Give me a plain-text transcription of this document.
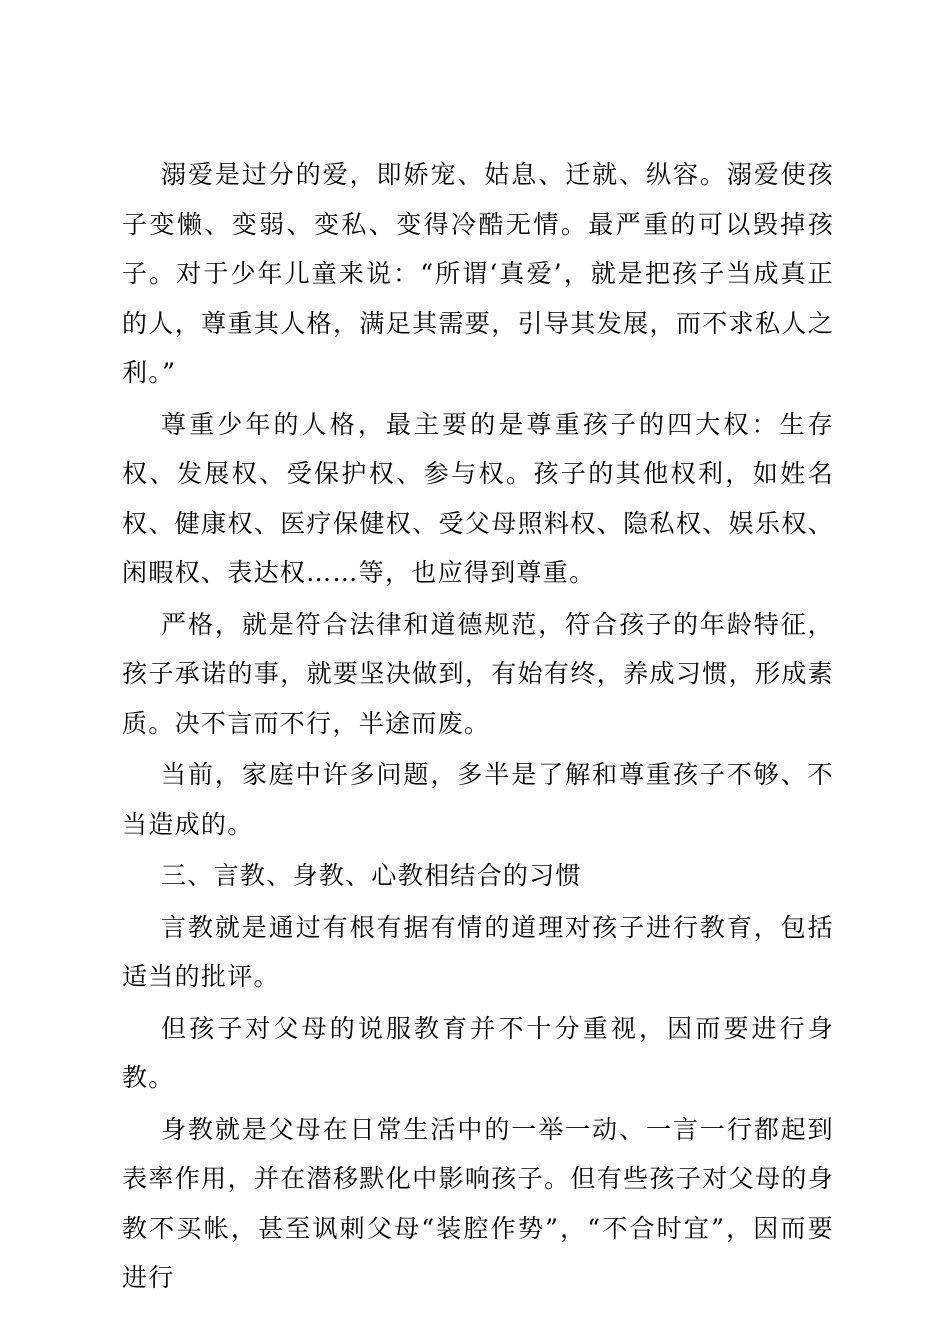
溺爱是过分的爱，即娇宠、姑息、迁就、纵容。溺爱使孩子变懒、变弱、变私、变得冷酷无情。最严重的可以毁掉孩子。对于少年儿童来说：“所谓‘真爱’，就是把孩子当成真正的人，尊重其人格，满足其需要，引导其发展，而不求私人之利。”

尊重少年的人格，最主要的是尊重孩子的四大权：生存权、发展权、受保护权、参与权。孩子的其他权利，如姓名权、健康权、医疗保健权、受父母照料权、隐私权、娱乐权、闲暇权、表达权……等，也应得到尊重。

严格，就是符合法律和道德规范，符合孩子的年龄特征，孩子承诺的事，就要坚决做到，有始有终，养成习惯，形成素质。决不言而不行，半途而废。

当前，家庭中许多问题，多半是了解和尊重孩子不够、不当造成的。

三、言教、身教、心教相结合的习惯

言教就是通过有根有据有情的道理对孩子进行教育，包括适当的批评。

但孩子对父母的说服教育并不十分重视，因而要进行身教。

身教就是父母在日常生活中的一举一动、一言一行都起到表率作用，并在潜移默化中影响孩子。但有些孩子对父母的身教不买帐，甚至讽刺父母“装腔作势”，“不合时宜”，因而要进行
